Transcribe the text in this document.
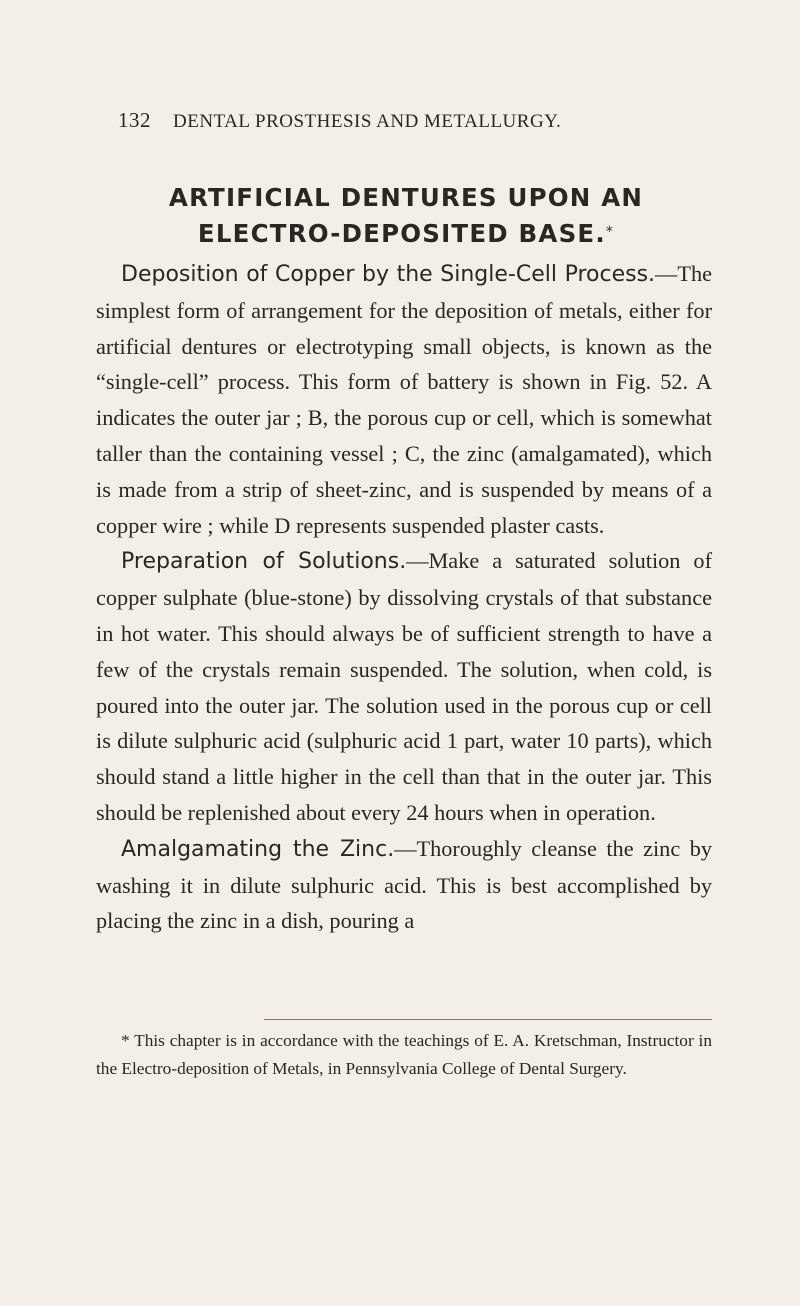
132 DENTAL PROSTHESIS AND METALLURGY.
ARTIFICIAL DENTURES UPON AN
ELECTRO-DEPOSITED BASE.*

Deposition of Copper by the Single-Cell Process.—The simplest form of arrangement for the deposition of metals, either for artificial dentures or electrotyping small objects, is known as the “single-cell” process. This form of battery is shown in Fig. 52. A indicates the outer jar ; B, the porous cup or cell, which is somewhat taller than the containing vessel ; C, the zinc (amalgamated), which is made from a strip of sheet-zinc, and is suspended by means of a copper wire ; while D represents suspended plaster casts.

Preparation of Solutions.—Make a saturated solution of copper sulphate (blue-stone) by dissolving crystals of that substance in hot water. This should always be of sufficient strength to have a few of the crystals remain suspended. The solution, when cold, is poured into the outer jar. The solution used in the porous cup or cell is dilute sulphuric acid (sulphuric acid 1 part, water 10 parts), which should stand a little higher in the cell than that in the outer jar. This should be replenished about every 24 hours when in operation.

Amalgamating the Zinc.—Thoroughly cleanse the zinc by washing it in dilute sulphuric acid. This is best accomplished by placing the zinc in a dish, pouring a

* This chapter is in accordance with the teachings of E. A. Kretschman, Instructor in the Electro-deposition of Metals, in Pennsylvania College of Dental Surgery.
